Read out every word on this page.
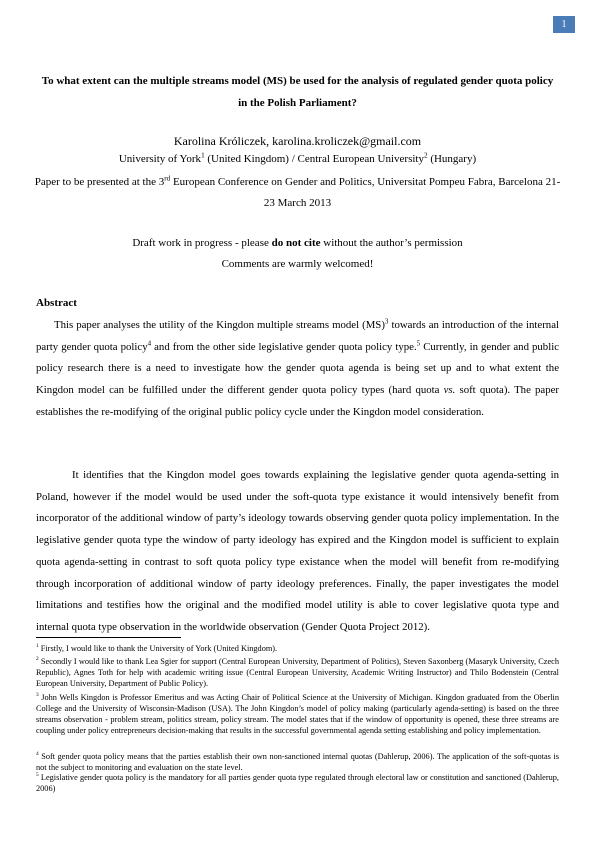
1
To what extent can the multiple streams model (MS) be used for the analysis of regulated gender quota policy in the Polish Parliament?
Karolina Króliczek, karolina.kroliczek@gmail.com
University of York$^1$ (United Kingdom) / Central European University$^2$ (Hungary)
Paper to be presented at the 3rd European Conference on Gender and Politics, Universitat Pompeu Fabra, Barcelona 21-23 March 2013
Draft work in progress - please do not cite without the author’s permission
Comments are warmly welcomed!
Abstract
This paper analyses the utility of the Kingdon multiple streams model (MS)$^3$ towards an introduction of the internal party gender quota policy$^4$ and from the other side legislative gender quota policy type.$^5$ Currently, in gender and public policy research there is a need to investigate how the gender quota agenda is being set up and to what extent the Kingdon model can be fulfilled under the different gender quota policy types (hard quota vs. soft quota). The paper establishes the re-modifying of the original public policy cycle under the Kingdon model consideration.
It identifies that the Kingdon model goes towards explaining the legislative gender quota agenda-setting in Poland, however if the model would be used under the soft-quota type existance it would intensively benefit from incorporator of the additional window of party’s ideology towards observing gender quota policy implementation. In the legislative gender quota type the window of party ideology has expired and the Kingdon model is sufficient to explain quota agenda-setting in contrast to soft quota policy type existance when the model will benefit from re-modifying through incorporation of additional window of party ideology preferences. Finally, the paper investigates the model limitations and testifies how the original and the modified model utility is able to cover legislative quota type and internal quota type observation in the worldwide observation (Gender Quota Project 2012).
$^1$ Firstly, I would like to thank the University of York (United Kingdom).
$^2$ Secondly I would like to thank Lea Sgier for support (Central European University, Department of Politics), Steven Saxonberg (Masaryk University, Czech Republic), Agnes Toth for help with academic writing issue (Central European University, Academic Writing Instructor) and Thilo Bodenstein (Central European University, Department of Public Policy).
$^3$ John Wells Kingdon is Professor Emeritus and was Acting Chair of Political Science at the University of Michigan. Kingdon graduated from the Oberlin College and the University of Wisconsin-Madison (USA). The John Kingdon’s model of policy making (particularly agenda-setting) is based on the three streams observation - problem stream, politics stream, policy stream. The model states that if the window of opportunity is opened, these three streams are coupling under policy entrepreneurs decision-making that results in the successful governmental agenda setting establishing and policy implementation.
$^4$ Soft gender quota policy means that the parties establish their own non-sanctioned internal quotas (Dahlerup, 2006). The application of the soft-quotas is not the subject to monitoring and evaluation on the state level.
$^5$ Legislative gender quota policy is the mandatory for all parties gender quota type regulated through electoral law or constitution and sanctioned (Dahlerup, 2006)
